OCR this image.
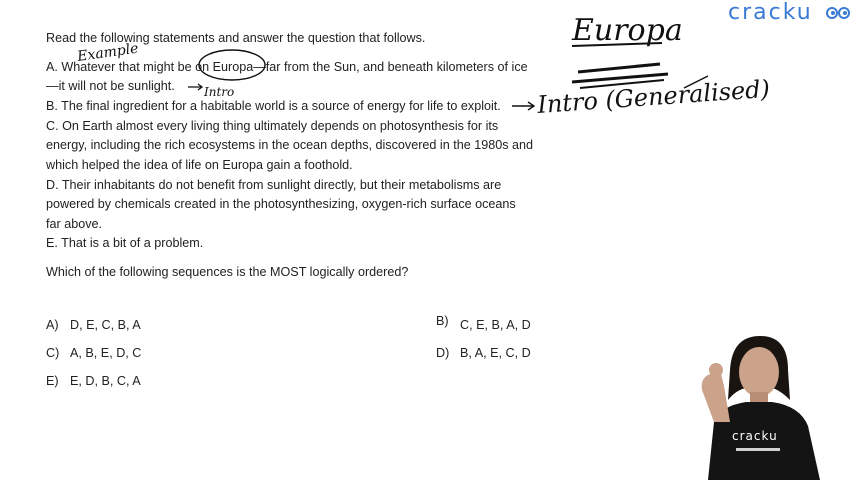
cracku
Read the following statements and answer the question that follows.
A. Whatever that might be on Europa—far from the Sun, and beneath kilometers of ice
—it will not be sunlight.
B. The final ingredient for a habitable world is a source of energy for life to exploit.
C. On Earth almost every living thing ultimately depends on photosynthesis for its
energy, including the rich ecosystems in the ocean depths, discovered in the 1980s and
which helped the idea of life on Europa gain a foothold.
D. Their inhabitants do not benefit from sunlight directly, but their metabolisms are
powered by chemicals created in the photosynthesizing, oxygen-rich surface oceans
far above.
E. That is a bit of a problem.
Which of the following sequences is the MOST logically ordered?
A) D, E, C, B, A	B) C, E, B, A, D
C) A, B, E, D, C	D) B, A, E, C, D
E) E, D, B, C, A
Europa
Example
Intro	Intro (Generalised)
cracku
